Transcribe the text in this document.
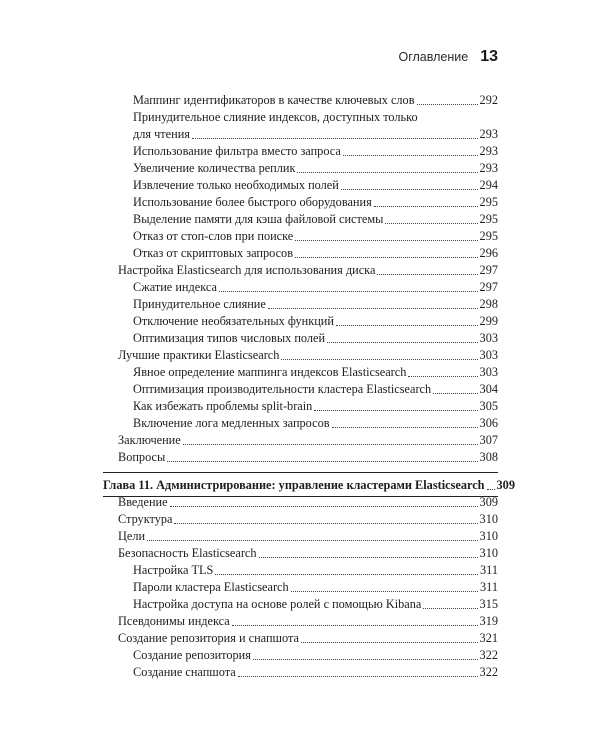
Оглавление 13
Маппинг идентификаторов в качестве ключевых слов	292
Принудительное слияние индексов, доступных только
для чтения	293
Использование фильтра вместо запроса	293
Увеличение количества реплик	293
Извлечение только необходимых полей	294
Использование более быстрого оборудования	295
Выделение памяти для кэша файловой системы	295
Отказ от стоп-слов при поиске	295
Отказ от скриптовых запросов	296
Настройка Elasticsearch для использования диска	297
Сжатие индекса	297
Принудительное слияние	298
Отключение необязательных функций	299
Оптимизация типов числовых полей	303
Лучшие практики Elasticsearch	303
Явное определение маппинга индексов Elasticsearch	303
Оптимизация производительности кластера Elasticsearch	304
Как избежать проблемы split-brain	305
Включение лога медленных запросов	306
Заключение	307
Вопросы	308
Глава 11. Администрирование: управление кластерами Elasticsearch 309
Введение	309
Структура	310
Цели	310
Безопасность Elasticsearch	310
Настройка TLS	311
Пароли кластера Elasticsearch	311
Настройка доступа на основе ролей с помощью Kibana	315
Псевдонимы индекса	319
Создание репозитория и снапшота	321
Создание репозитория	322
Создание снапшота	322
